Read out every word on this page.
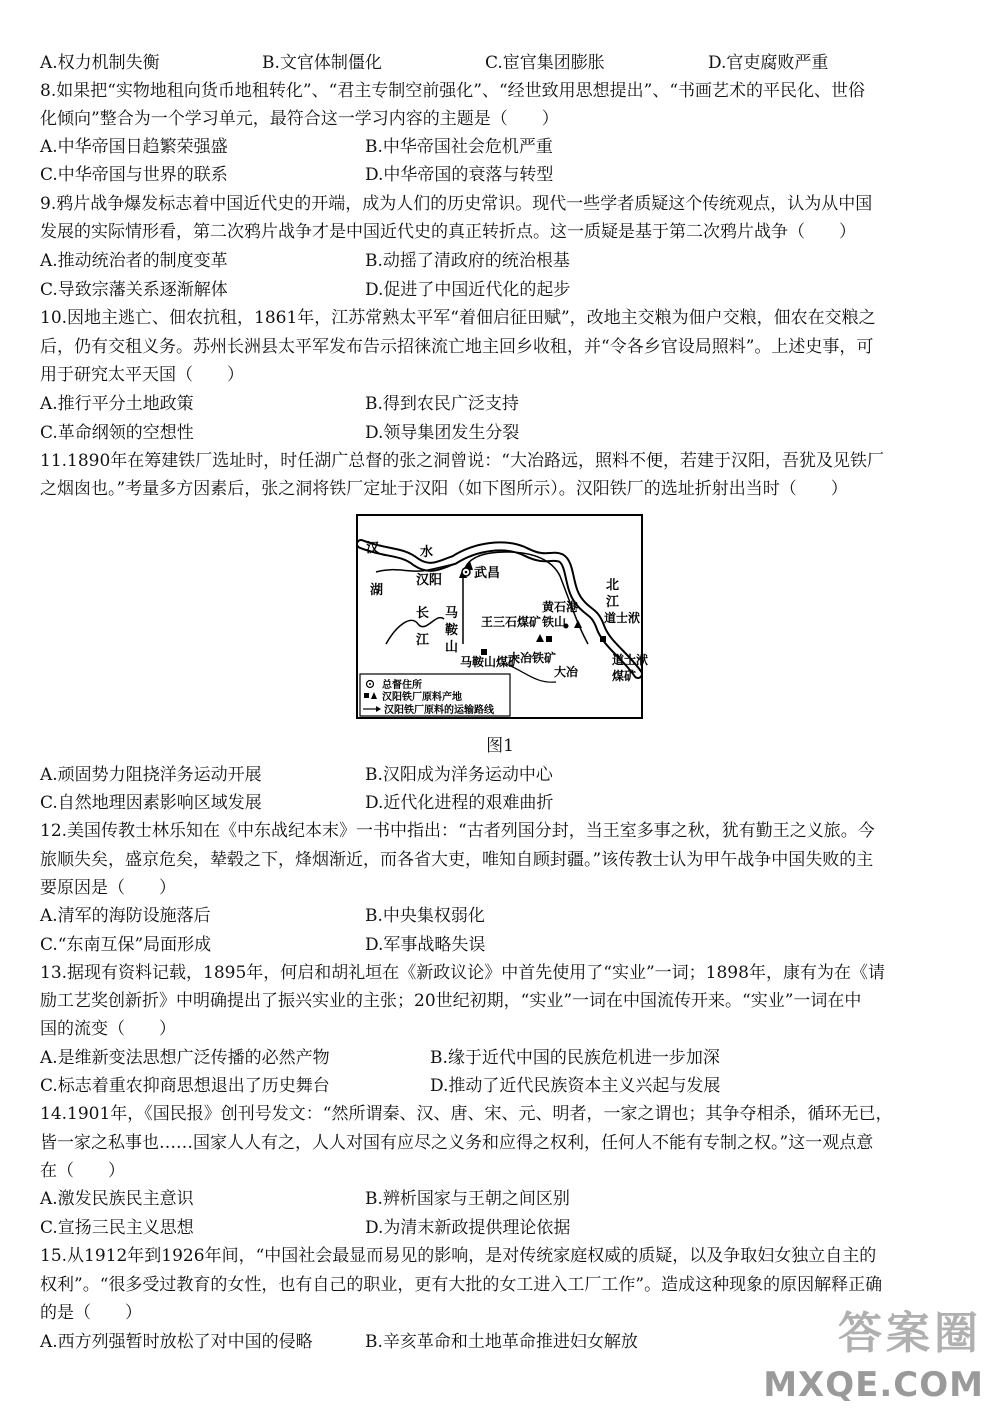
A.权力机制失衡	B.文官体制僵化	C.宦官集团膨胀	D.官吏腐败严重
8.如果把“实物地租向货币地租转化”、“君主专制空前强化”、“经世致用思想提出”、“书画艺术的平民化、世俗
化倾向”整合为一个学习单元，最符合这一学习内容的主题是（　　）
A.中华帝国日趋繁荣强盛	B.中华帝国社会危机严重
C.中华帝国与世界的联系	D.中华帝国的衰落与转型
9.鸦片战争爆发标志着中国近代史的开端，成为人们的历史常识。现代一些学者质疑这个传统观点，认为从中国
发展的实际情形看，第二次鸦片战争才是中国近代史的真正转折点。这一质疑是基于第二次鸦片战争（　　）
A.推动统治者的制度变革	B.动摇了清政府的统治根基
C.导致宗藩关系逐渐解体	D.促进了中国近代化的起步
10.因地主逃亡、佃农抗租，1861年，江苏常熟太平军“着佃启征田赋”，改地主交粮为佃户交粮，佃农在交粮之
后，仍有交租义务。苏州长洲县太平军发布告示招徕流亡地主回乡收租，并“令各乡官设局照料”。上述史事，可
用于研究太平天国（　　）
A.推行平分土地政策	B.得到农民广泛支持
C.革命纲领的空想性	D.领导集团发生分裂
11.1890年在筹建铁厂选址时，时任湖广总督的张之洞曾说：“大冶路远，照料不便，若建于汉阳，吾犹及见铁厂
之烟囱也。”考量多方因素后，张之洞将铁厂定址于汉阳（如下图所示）。汉阳铁厂的选址折射出当时（　　）
汉	水
湖
汉阳 武昌
长
江
马
鞍
山
黄石港
铁山
王三石煤矿
北
江
道士洑
马鞍山煤矿
大冶铁矿
大冶
道士洑
煤矿
总督住所
汉阳铁厂原料产地
汉阳铁厂原料的运输路线
图1
A.顽固势力阻挠洋务运动开展	B.汉阳成为洋务运动中心
C.自然地理因素影响区域发展	D.近代化进程的艰难曲折
12.美国传教士林乐知在《中东战纪本末》一书中指出：“古者列国分封，当王室多事之秋，犹有勤王之义旅。今
旅顺失矣，盛京危矣，辇毂之下，烽烟渐近，而各省大吏，唯知自顾封疆。”该传教士认为甲午战争中国失败的主
要原因是（　　）
A.清军的海防设施落后	B.中央集权弱化
C.“东南互保”局面形成	D.军事战略失误
13.据现有资料记载，1895年，何启和胡礼垣在《新政议论》中首先使用了“实业”一词；1898年，康有为在《请
励工艺奖创新折》中明确提出了振兴实业的主张；20世纪初期，“实业”一词在中国流传开来。“实业”一词在中
国的流变（　　）
A.是维新变法思想广泛传播的必然产物	B.缘于近代中国的民族危机进一步加深
C.标志着重农抑商思想退出了历史舞台	D.推动了近代民族资本主义兴起与发展
14.1901年，《国民报》创刊号发文：“然所谓秦、汉、唐、宋、元、明者，一家之谓也；其争夺相杀，循环无已，
皆一家之私事也……国家人人有之，人人对国有应尽之义务和应得之权利，任何人不能有专制之权。”这一观点意
在（　　）
A.激发民族民主意识	B.辨析国家与王朝之间区别
C.宣扬三民主义思想	D.为清末新政提供理论依据
15.从1912年到1926年间，“中国社会最显而易见的影响，是对传统家庭权威的质疑，以及争取妇女独立自主的
权利”。“很多受过教育的女性，也有自己的职业，更有大批的女工进入工厂工作”。造成这种现象的原因解释正确
的是（　　）
A.西方列强暂时放松了对中国的侵略	B.辛亥革命和土地革命推进妇女解放	答案圈
MXQE.COM
